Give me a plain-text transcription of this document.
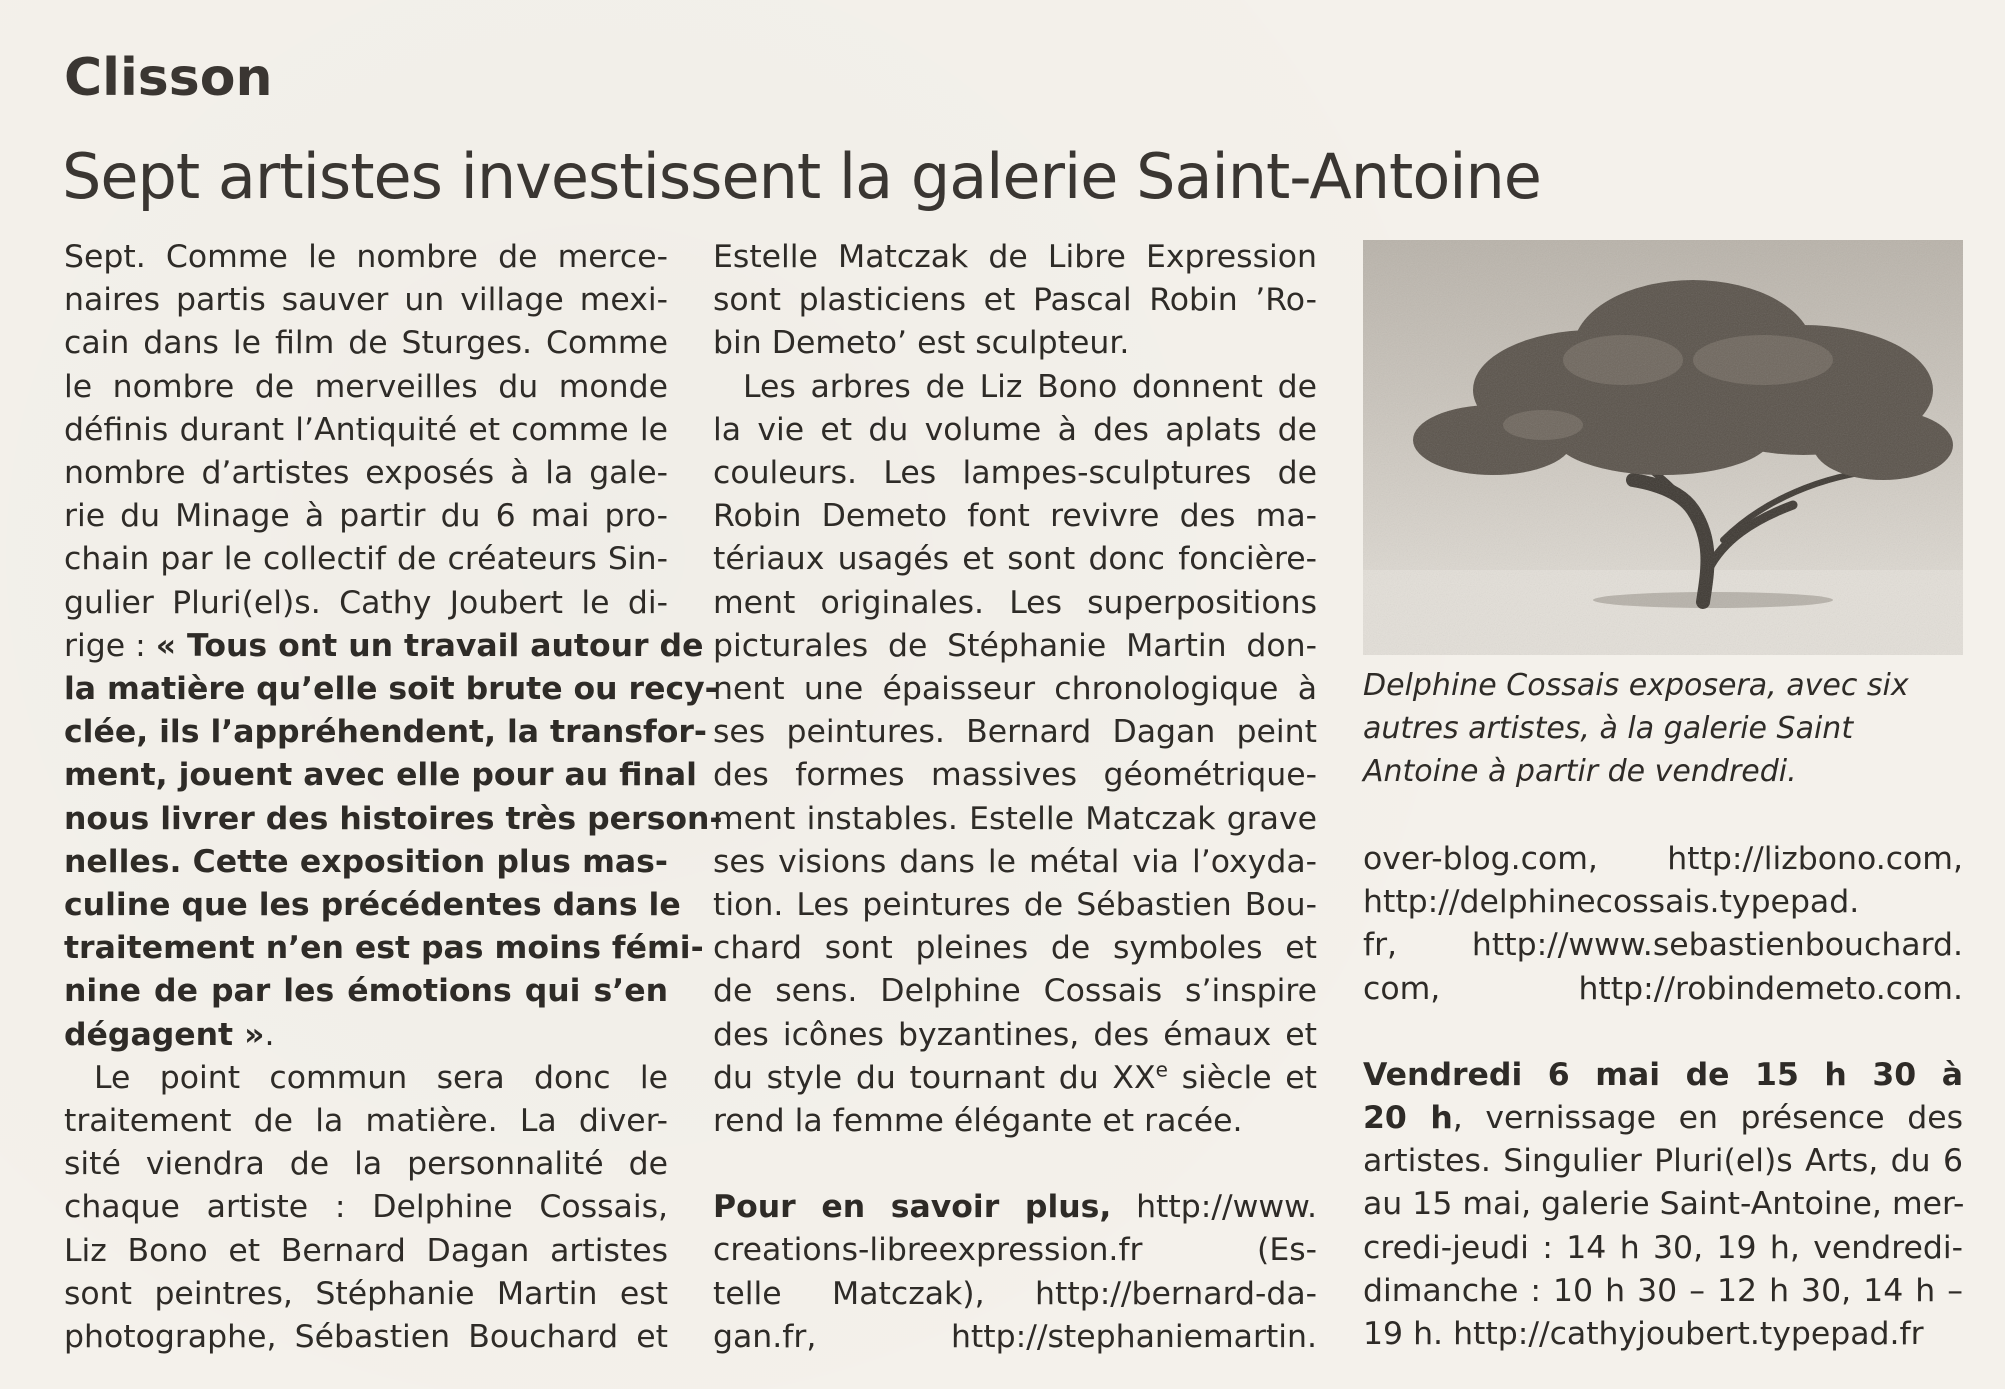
Clisson
Sept artistes investissent la galerie Saint-Antoine
Sept. Comme le nombre de merce-
naires partis sauver un village mexi-
cain dans le film de Sturges. Comme
le nombre de merveilles du monde
définis durant l’Antiquité et comme le
nombre d’artistes exposés à la gale-
rie du Minage à partir du 6 mai pro-
chain par le collectif de créateurs Sin-
gulier Pluri(el)s. Cathy Joubert le di-
rige : « Tous ont un travail autour de
la matière qu’elle soit brute ou recy-
clée, ils l’appréhendent, la transfor-
ment, jouent avec elle pour au final
nous livrer des histoires très person-
nelles. Cette exposition plus mas-
culine que les précédentes dans le
traitement n’en est pas moins fémi-
nine de par les émotions qui s’en
dégagent ».
Le point commun sera donc le
traitement de la matière. La diver-
sité viendra de la personnalité de
chaque artiste : Delphine Cossais,
Liz Bono et Bernard Dagan artistes
sont peintres, Stéphanie Martin est
photographe, Sébastien Bouchard et
Estelle Matczak de Libre Expression
sont plasticiens et Pascal Robin ’Ro-
bin Demeto’ est sculpteur.
Les arbres de Liz Bono donnent de
la vie et du volume à des aplats de
couleurs. Les lampes-sculptures de
Robin Demeto font revivre des ma-
tériaux usagés et sont donc foncière-
ment originales. Les superpositions
picturales de Stéphanie Martin don-
nent une épaisseur chronologique à
ses peintures. Bernard Dagan peint
des formes massives géométrique-
ment instables. Estelle Matczak grave
ses visions dans le métal via l’oxyda-
tion. Les peintures de Sébastien Bou-
chard sont pleines de symboles et
de sens. Delphine Cossais s’inspire
des icônes byzantines, des émaux et
du style du tournant du XXe siècle et
rend la femme élégante et racée.
Pour en savoir plus, http://www.
creations-libreexpression.fr (Es-
telle Matczak), http://bernard-da-
gan.fr, http://stephaniemartin.
Delphine Cossais exposera, avec six
autres artistes, à la galerie Saint
Antoine à partir de vendredi.
over-blog.com, http://lizbono.com,
http://delphinecossais.typepad.
fr, http://www.sebastienbouchard.
com, http://robindemeto.com.
Vendredi 6 mai de 15 h 30 à
20 h, vernissage en présence des
artistes. Singulier Pluri(el)s Arts, du 6
au 15 mai, galerie Saint-Antoine, mer-
credi-jeudi : 14 h 30, 19 h, vendredi-
dimanche : 10 h 30 – 12 h 30, 14 h –
19 h. http://cathyjoubert.typepad.fr
